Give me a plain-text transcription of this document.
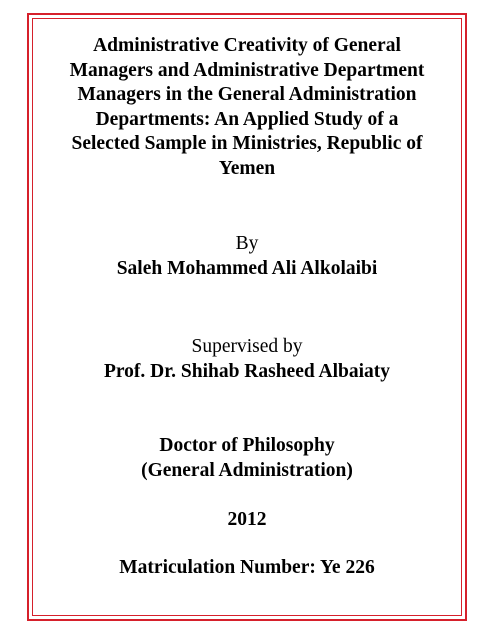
Administrative Creativity of General
Managers and Administrative Department
Managers in the General Administration
Departments: An Applied Study of a
Selected Sample in Ministries, Republic of
Yemen
By
Saleh Mohammed Ali Alkolaibi
Supervised by
Prof. Dr. Shihab Rasheed Albaiaty
Doctor of Philosophy
(General Administration)
2012
Matriculation Number: Ye 226
